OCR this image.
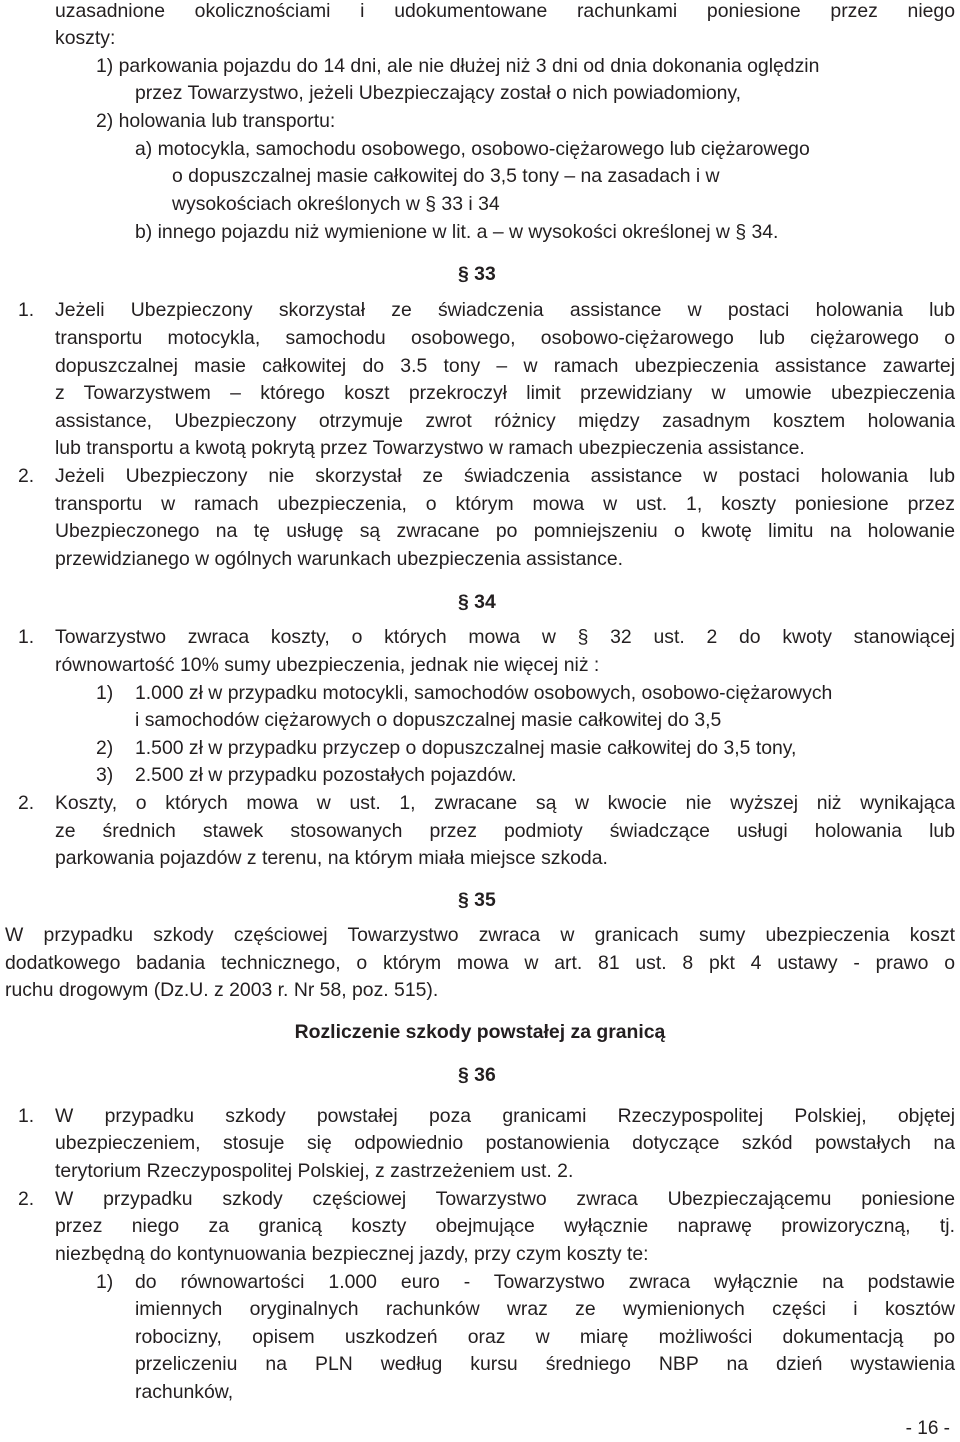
uzasadnione okolicznościami i udokumentowane rachunkami poniesione przez niego
koszty:
1) parkowania pojazdu do 14 dni, ale nie dłużej niż 3 dni od dnia dokonania oględzin
przez Towarzystwo, jeżeli Ubezpieczający został o nich powiadomiony,
2) holowania lub transportu:
a) motocykla, samochodu osobowego, osobowo-ciężarowego lub ciężarowego
o dopuszczalnej masie całkowitej do 3,5 tony – na zasadach i w
wysokościach określonych w § 33 i 34
b) innego pojazdu niż wymienione w lit. a – w wysokości określonej w § 34.
§ 33
1. Jeżeli Ubezpieczony skorzystał ze świadczenia assistance w postaci holowania lub
transportu motocykla, samochodu osobowego, osobowo-ciężarowego lub ciężarowego o
dopuszczalnej masie całkowitej do 3.5 tony – w ramach ubezpieczenia assistance zawartej
z Towarzystwem – którego koszt przekroczył limit przewidziany w umowie ubezpieczenia
assistance, Ubezpieczony otrzymuje zwrot różnicy między zasadnym kosztem holowania
lub transportu a kwotą pokrytą przez Towarzystwo w ramach ubezpieczenia assistance.
2. Jeżeli Ubezpieczony nie skorzystał ze świadczenia assistance w postaci holowania lub
transportu w ramach ubezpieczenia, o którym mowa w ust. 1, koszty poniesione przez
Ubezpieczonego na tę usługę są zwracane po pomniejszeniu o kwotę limitu na holowanie
przewidzianego w ogólnych warunkach ubezpieczenia assistance.
§ 34
1. Towarzystwo zwraca koszty, o których mowa w § 32 ust. 2 do kwoty stanowiącej
równowartość 10% sumy ubezpieczenia, jednak nie więcej niż :
1) 1.000 zł w przypadku motocykli, samochodów osobowych, osobowo-ciężarowych
i samochodów ciężarowych o dopuszczalnej masie całkowitej do 3,5
2) 1.500 zł w przypadku przyczep o dopuszczalnej masie całkowitej do 3,5 tony,
3) 2.500 zł w przypadku pozostałych pojazdów.
2. Koszty, o których mowa w ust. 1, zwracane są w kwocie nie wyższej niż wynikająca
ze średnich stawek stosowanych przez podmioty świadczące usługi holowania lub
parkowania pojazdów z terenu, na którym miała miejsce szkoda.
§ 35
W przypadku szkody częściowej Towarzystwo zwraca w granicach sumy ubezpieczenia koszt
dodatkowego badania technicznego, o którym mowa w art. 81 ust. 8 pkt 4 ustawy - prawo o
ruchu drogowym (Dz.U. z 2003 r. Nr 58, poz. 515).
Rozliczenie szkody powstałej za granicą
§ 36
1. W przypadku szkody powstałej poza granicami Rzeczypospolitej Polskiej, objętej
ubezpieczeniem, stosuje się odpowiednio postanowienia dotyczące szkód powstałych na
terytorium Rzeczypospolitej Polskiej, z zastrzeżeniem ust. 2.
2. W przypadku szkody częściowej Towarzystwo zwraca Ubezpieczającemu poniesione
przez niego za granicą koszty obejmujące wyłącznie naprawę prowizoryczną, tj.
niezbędną do kontynuowania bezpiecznej jazdy, przy czym koszty te:
1) do równowartości 1.000 euro - Towarzystwo zwraca wyłącznie na podstawie
imiennych oryginalnych rachunków wraz ze wymienionych części i kosztów
robocizny, opisem uszkodzeń oraz w miarę możliwości dokumentacją po
przeliczeniu na PLN według kursu średniego NBP na dzień wystawienia
rachunków,
- 16 -
